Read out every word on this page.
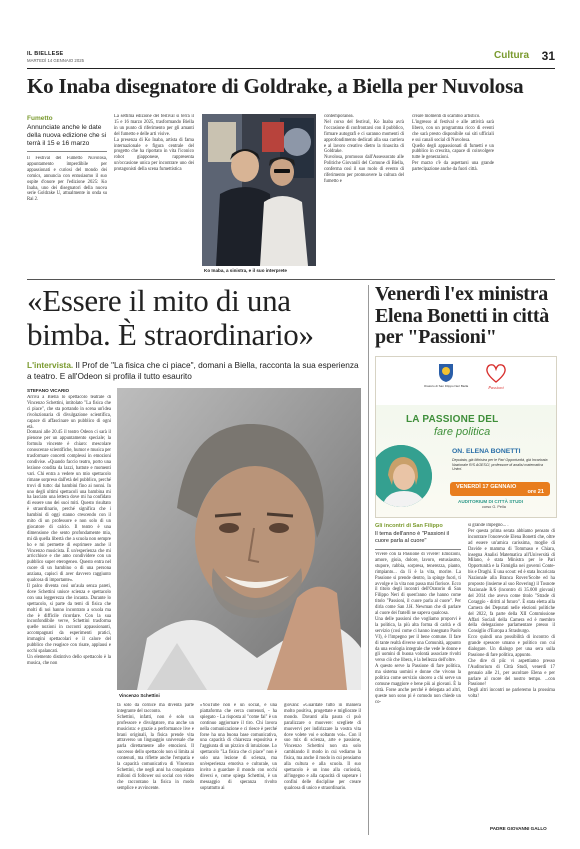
IL BIELLESE
MARTEDÌ 14 GENNAIO 2025	Cultura 31
Ko Inaba disegnatore di Goldrake, a Biella per Nuvolosa
Fumetto
Annunciate anche le date della nuova edizione che si terrà il 15 e 16 marzo
Il Festival del Fumetto Nuvolosa, appuntamento imperdibile per appassionati e curiosi del mondo dei comics, annuncia con entusiasmo il suo ospite d'onore per l'edizione 2025: Ko Inaba, uno dei disegnatori della nuova serie Goldrake U, attualmente in onda su Rai 2.
La settima edizione del festival si terrà il 15 e 16 marzo 2025, trasformando Biella in un punto di riferimento per gli amanti del fumetto e delle arti visive.
La presenza di Ko Inaba, artista di fama internazionale e figura centrale del progetto che ha riportato in vita l'iconico robot giapponese, rappresenta un'occasione unica per incontrare uno dei protagonisti della scena fumettistica
Ko Inaba, a sinistra, e il suo interprete
contemporanea.
Nel corso del festival, Ko Inaba avrà l'occasione di confrontarsi con il pubblico, firmare autografi e ci saranno momenti di approfondimento dedicati alla sua carriera e al lavoro creativo dietro la rinascita di Goldrake.
Nuvolosa, promosso dall'Assessorato alle Politiche Giovanili del Comune di Biella, conferma così il suo ruolo di evento di riferimento per promuovere la cultura del fumetto e
creare momenti di scambio artistico.
L'ingresso al festival e alle attività sarà libero, con un programma ricco di eventi che sarà presto disponibile sui siti ufficiali e sui canali social di Nuvolosa.
Quello degli appassionati di fumetti e un pubblico in crescita, capace di coinvolgere tutte le generazioni.
Per marzo c'è da aspettarsi una grande partecipazione anche da fuori città.
«Essere il mito di una
bimba. È straordinario»
L'intervista. Il Prof de "La fisica che ci piace", domani a Biella, racconta la sua esperienza a teatro. E all'Odeon si profila il tutto esaurito
STEFANO VICARIO
Arriva a Biella lo spettacolo teatrale di Vincenzo Schettini, intitolato "La fisica che ci piace", che sta portando in scena un'idea rivoluzionaria di divulgazione scientifica, capace di affascinare un pubblico di ogni età.
Domani alle 20.45 il teatro Odeon ci sarà il pienone per un appuntamento speciale; la formula vincente è chiaro: mescolare conoscenze scientifiche, humor e musica per trasformare concetti complessi in emozioni condivise. «Quando faccio teatro, porto una lezione condita da lazzi, battute e momenti vari. Chi entra a vedere un mio spettacolo rimane sorpreso dall'età del pubblico, perché trovi di tutto: dai bambini fino ai nonni. In uno degli ultimi spettacoli una bambina mi ha lasciato una lettera dove mi ha confidato di essere uno dei suoi miti. Questo risultato è straordinario, perché significa che i bambini di oggi stanno crescendo con il mito di un professore e non solo di un giocatore di calcio. Il teatro è una dimensione che sento profondamente mia, mi dà quella libertà che a scuola non sempre ho e mi permette di esprimere anche il Vincenzo musicista. È un'esperienza che mi arricchisce e che amo condividere con un pubblico super eterogeneo. Questo entra nel cuore di un bambino o di una persona anziana, capisci di aver davvero raggiunto qualcosa di importante».
Il palco diventa così un'aula senza pareti, dove Schettini unisce scienza e spettacolo con una leggerezza che incanta. Durante lo spettacolo, si parte da temi di fisica che molti di noi hanno incontrato a scuola ma che è difficile ricordare. Con la sua inconfondibile verve, Schettini trasforma quelle nozioni in racconti appassionanti, accompagnati da esperimenti pratici, immagini spettacolari e il calore del pubblico che reagisce con risate, applausi e occhi spalancati.
Un elemento distintivo dello spettacolo è la musica, che non
Vincenzo Schettini
fa solo da cornice ma diventa parte integrante del racconto.
Schettini, infatti, non è solo un professore e divulgatore, ma anche un musicista: e grazie a performance live e brani originali, la fisica prende vita attraverso un linguaggio universale che parla direttamente alle emozioni. Il successo dello spettacolo non si limita ai contenuti, ma riflette anche l'empatia e la capacità comunicativa di Vincenzo Schettini, che negli anni ha conquistato milioni di follower sui social con video che raccontano la fisica in modo semplice e avvincente.
«YouTube non è un social, è una piattaforma che cerca contenuti, - ha spiegato - La risposta al "come fai" è un continuo aggiornare il tiro. Chi lavora nella comunicazione e ci riesce è perché forse ha una buona base comunicativa, una capacità di chiarezza espositiva e l'aggiunta di un pizzico di intuizione. Lo spettacolo "La fisica che ci piace" non è solo una lezione di scienza, ma un'esperienza emotiva e culturale, un invito a guardare il mondo con occhi diversi e, come spiega Schettini, è un messaggio di speranza rivolto soprattutto ai
giovani: «Guardate tutto in maniera molto positiva, progettate e migliorate il mondo. Davanti alla paura ci può paralizzare o muovere: scegliete di muovervi per indirizzare la vostra vita dove volete voi e soltanto voi». Con il suo mix di scienza, arte e passione, Vincenzo Schettini non sta solo cambiando il modo in cui vediamo la fisica, ma anche il modo in cui pensiamo alla cultura e alla scuola. Il suo spettacolo è un inno alla curiosità, all'ingegno e alla capacità di superare i confini delle discipline per creare qualcosa di unico e straordinario.
Venerdì l'ex ministra Elena Bonetti in città per "Passioni"
Oratorio di San Filippo Neri Biella	Passioni
LA PASSIONE DEL
fare politica
ON. ELENA BONETTI
Deputata, già Ministra per le Pari Opportunità, già Incaricata Nazionale R/S AGESCI, professore di analisi matematica Unimi.
VENERDÌ 17 GENNAIO
ore 21
AUDITORIUM DI CITTÀ STUDI
corso G. Pella
Gli incontri di San Filippo
Il tema dell'anno è "Passioni il cuore parla al cuore"
Vivere con la Passione di vivere! Emozioni, amore, gioia, dolore, lavoro, entusiasmo, stupore, rabbia, sorpresa, tenerezza, pianto, rimpianto... da lì è la vita, morire. La Passione si prende dentro, la spinge fuori, ti avvolge e la vita non passa mai fiorisce. Ecco il titolo degli incontri dell'Oratorio di San Filippo Neri di quest'anno che hanno come titolo "Passioni, il cuore parla al cuore". Per dirla come San J.H. Newman che di parlare al cuore dei fratelli ne sapeva qualcosa.
Una delle passioni che vogliamo proporvi è la politica, la più alta forma di carità e di servizio (così come ci hanno insegnato Paolo VI), è l'impegno per il bene comune. Il fare di tante realtà diverse una Comunità, appunto da una ecologia integrale che vede le donne e gli uomini di buona volontà associate rivolti verso ciò che libera, è la bellezza dell'oltre.
A questo serve la Passione di fare politica, ma sistema uomini e donne che vivono la politica come servizio sincero a chi serve un comune maggiore e bene più ai giovani. È la città. Forse anche perché è delegata ad altri, queste non sono pi è comodo non chiede un co-
sì grande impegno... .
Per questa prima serata abbiamo pensato di incontrare l'onorevole Elena Bonetti che, oltre ad essere un'amica carissima, moglie di Davide e mamma di Tommaso e Chiara, insegna Analisi Matematica all'Università di Milano, è stata Ministra per le Pari Opportunità e la Famiglia nei governi Conte-bis e Draghi. E una scout: ed è stata Incaricata Nazionale alla Branca Rover/Scolte ed ha proposto (insieme al suo Rovering) il Tosnote Nazionale R/S (incontro di 35.000 giovani) del 2014 che aveva come titolo "Strade di Coraggio - diritti al futuro". È stata eletta alla Camera dei Deputati nelle elezioni politiche del 2022, fa parte della XII Commissione Affari Sociali della Camera ed è membro della delegazione parlamentare presso il Consiglio d'Europa a Strasburgo.
Ecco quindi una possibilità di incontro di grande spessore umano e politico con cui dialogare. Un dialogo per una sera sulla Passione di fare politica, appunto.
Che dire di più: vi aspettiamo presso l'Auditorium di Città Studi, venerdì 17 gennaio alle 21, per ascoltare Elena e per parlare al cuore del nostro tempo. ...con Passione!
Degli altri incontri ne parleremo la prossima volta!
PADRE GIOVANNI GALLO
